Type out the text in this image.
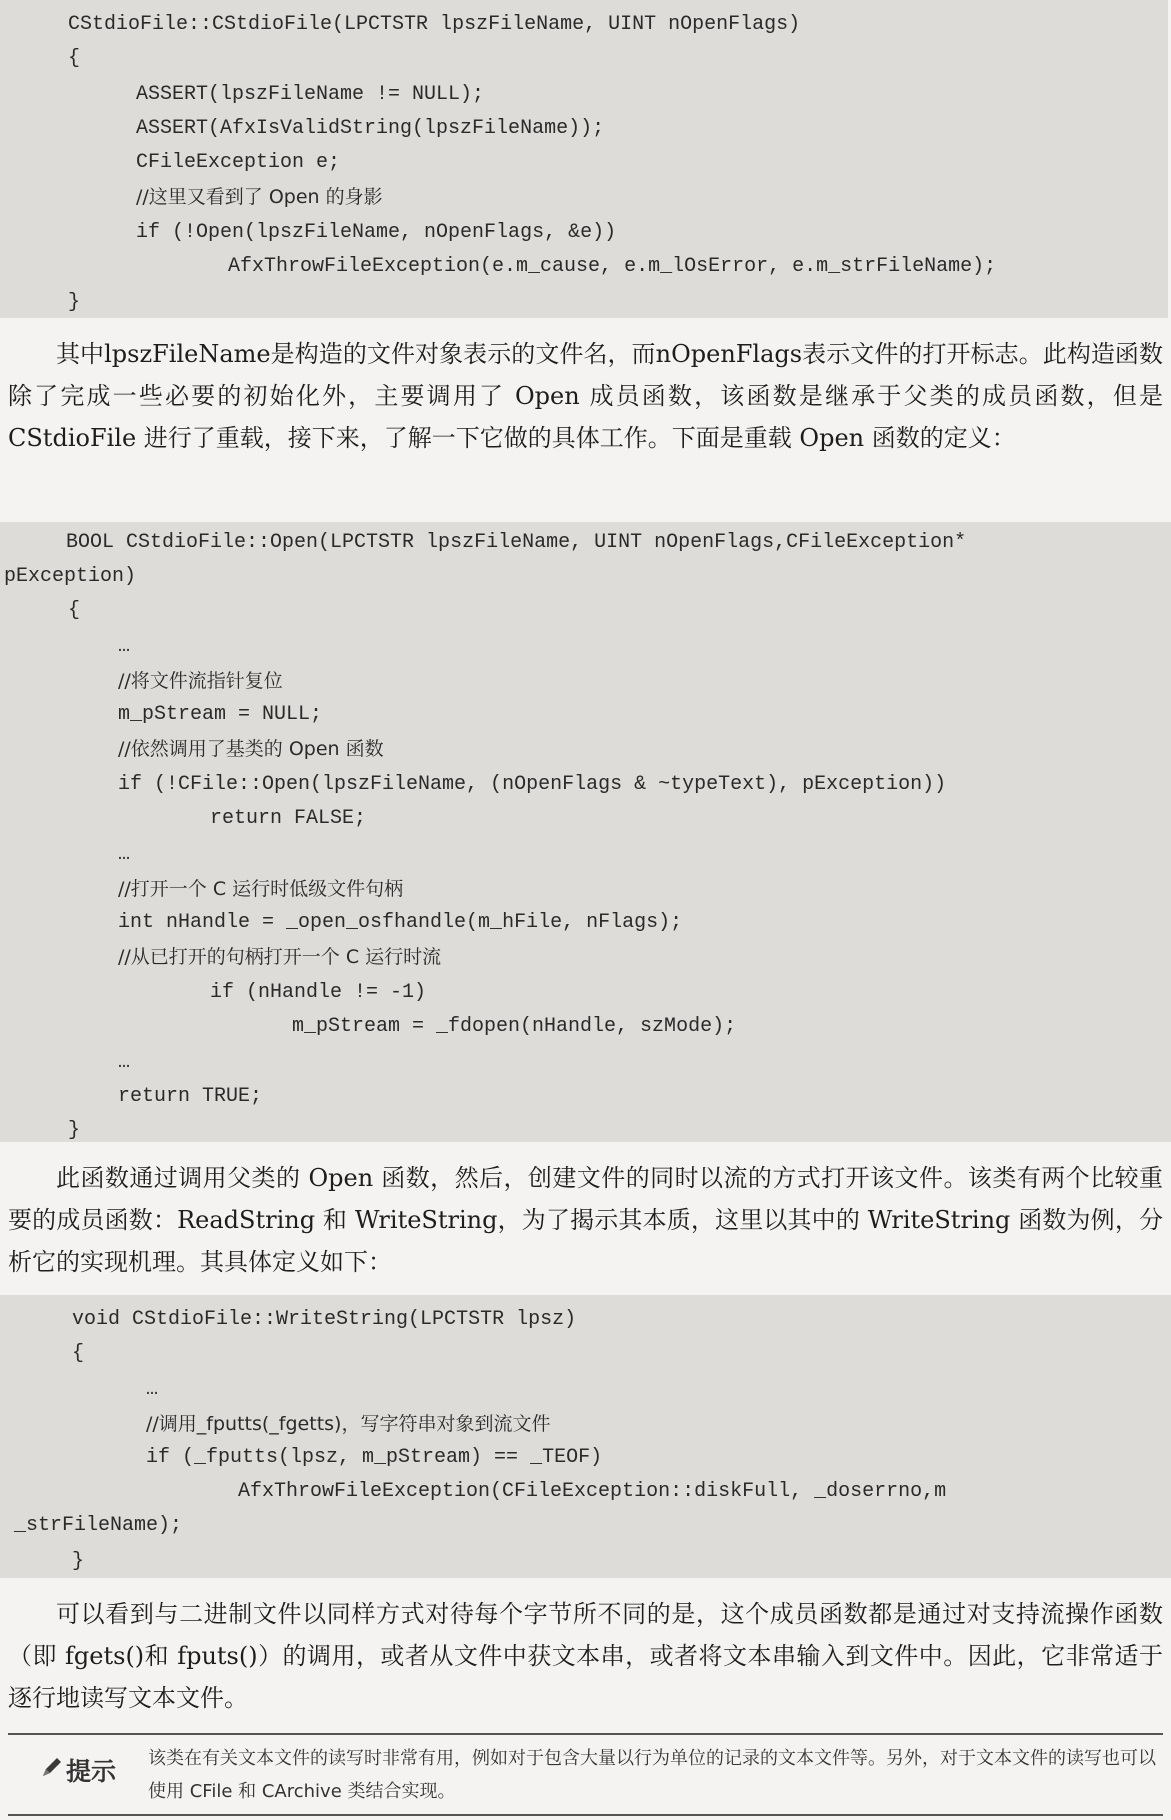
CStdioFile::CStdioFile(LPCTSTR lpszFileName, UINT nOpenFlags)
{
ASSERT(lpszFileName != NULL);
ASSERT(AfxIsValidString(lpszFileName));
CFileException e;
//这里又看到了 Open 的身影
if (!Open(lpszFileName, nOpenFlags, &e))
AfxThrowFileException(e.m_cause, e.m_lOsError, e.m_strFileName);
}
其中lpszFileName是构造的文件对象表示的文件名，而nOpenFlags表示文件的打开标志。此构造函数除了完成一些必要的初始化外，主要调用了 Open 成员函数，该函数是继承于父类的成员函数，但是 CStdioFile 进行了重载，接下来，了解一下它做的具体工作。下面是重载 Open 函数的定义：
BOOL CStdioFile::Open(LPCTSTR lpszFileName, UINT nOpenFlags,CFileException*
pException)
{
…
//将文件流指针复位
m_pStream = NULL;
//依然调用了基类的 Open 函数
if (!CFile::Open(lpszFileName, (nOpenFlags & ~typeText), pException))
return FALSE;
…
//打开一个 C 运行时低级文件句柄
int nHandle = _open_osfhandle(m_hFile, nFlags);
//从已打开的句柄打开一个 C 运行时流
if (nHandle != -1)
m_pStream = _fdopen(nHandle, szMode);
…
return TRUE;
}
此函数通过调用父类的 Open 函数，然后，创建文件的同时以流的方式打开该文件。该类有两个比较重要的成员函数：ReadString 和 WriteString，为了揭示其本质，这里以其中的 WriteString 函数为例，分析它的实现机理。其具体定义如下：
void CStdioFile::WriteString(LPCTSTR lpsz)
{
…
//调用_fputts(_fgetts)，写字符串对象到流文件
if (_fputts(lpsz, m_pStream) == _TEOF)
AfxThrowFileException(CFileException::diskFull, _doserrno,m
_strFileName);
}
可以看到与二进制文件以同样方式对待每个字节所不同的是，这个成员函数都是通过对支持流操作函数（即 fgets()和 fputs()）的调用，或者从文件中获文本串，或者将文本串输入到文件中。因此，它非常适于逐行地读写文本文件。
提示 该类在有关文本文件的读写时非常有用，例如对于包含大量以行为单位的记录的文本文件等。另外，对于文本文件的读写也可以使用 CFile 和 CArchive 类结合实现。
